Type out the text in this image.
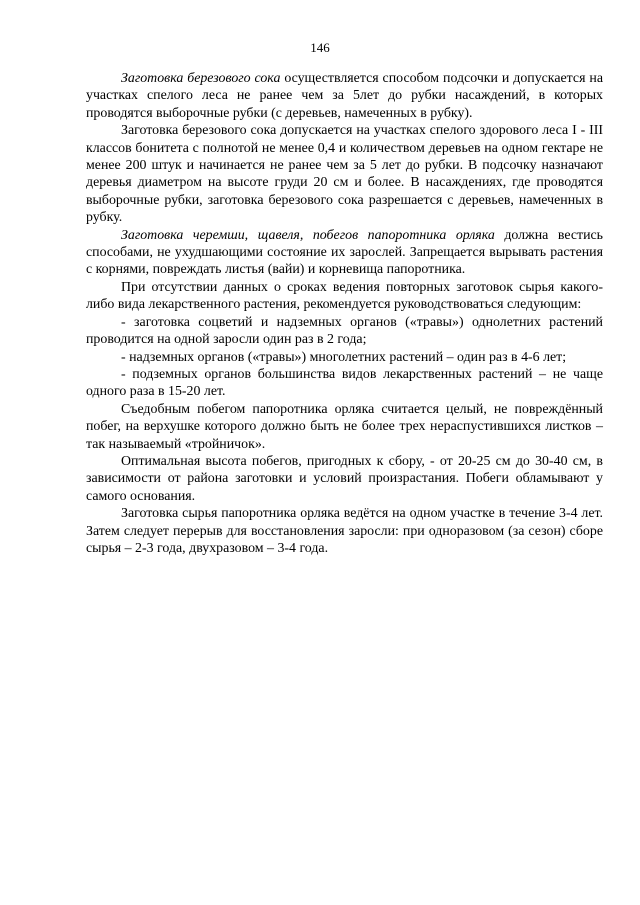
146

Заготовка березового сока осуществляется способом подсочки и допускается на участках спелого леса не ранее чем за 5лет до рубки насаждений, в которых проводятся выборочные рубки (с деревьев, намеченных в рубку).

Заготовка березового сока допускается на участках спелого здорового леса I - III классов бонитета с полнотой не менее 0,4 и количеством деревьев на одном гектаре не менее 200 штук и начинается не ранее чем за 5 лет до рубки. В подсочку назначают деревья диаметром на высоте груди 20 см и более. В насаждениях, где проводятся выборочные рубки, заготовка березового сока разрешается с деревьев, намеченных в рубку.

Заготовка черемши, щавеля, побегов папоротника орляка должна вестись способами, не ухудшающими состояние их зарослей. Запрещается вырывать растения с корнями, повреждать листья (вайи) и корневища папоротника.

При отсутствии данных о сроках ведения повторных заготовок сырья какого-либо вида лекарственного растения, рекомендуется руководствоваться следующим:

- заготовка соцветий и надземных органов («травы») однолетних растений проводится на одной заросли один раз в 2 года;

- надземных органов («травы») многолетних растений – один раз в 4-6 лет;

- подземных органов большинства видов лекарственных растений – не чаще одного раза в 15-20 лет.

Съедобным побегом папоротника орляка считается целый, не повреждённый побег, на верхушке которого должно быть не более трех нераспустившихся листков – так называемый «тройничок».

Оптимальная высота побегов, пригодных к сбору, - от 20-25 см до 30-40 см, в зависимости от района заготовки и условий произрастания. Побеги обламывают у самого основания.

Заготовка сырья папоротника орляка ведётся на одном участке в течение 3-4 лет. Затем следует перерыв для восстановления заросли: при одноразовом (за сезон) сборе сырья – 2-3 года, двухразовом – 3-4 года.
